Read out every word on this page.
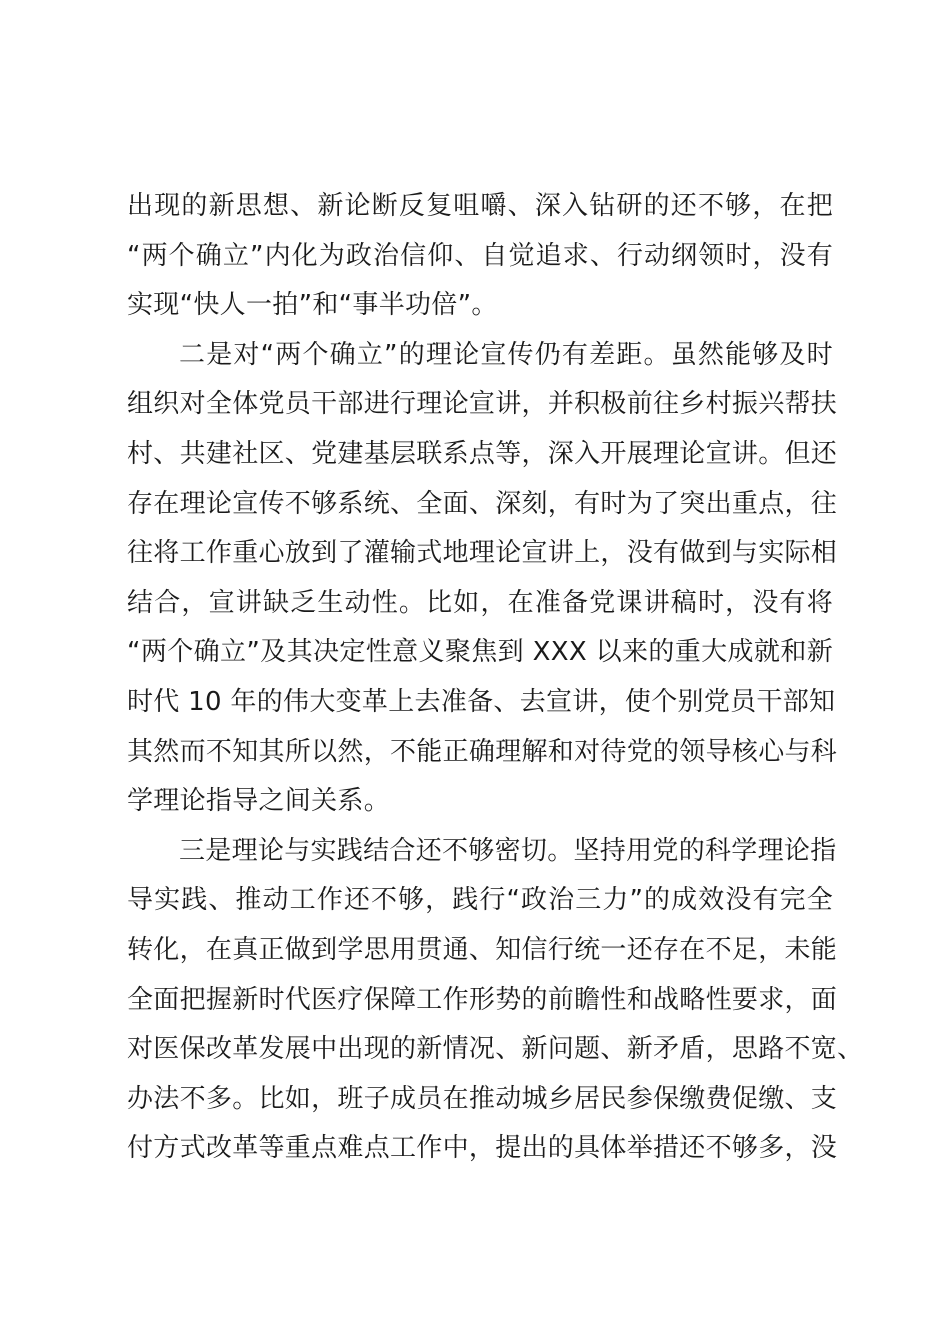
出现的新思想、新论断反复咀嚼、深入钻研的还不够，在把
“两个确立”内化为政治信仰、自觉追求、行动纲领时，没有
实现“快人一拍”和“事半功倍”。
二是对“两个确立”的理论宣传仍有差距。虽然能够及时
组织对全体党员干部进行理论宣讲，并积极前往乡村振兴帮扶
村、共建社区、党建基层联系点等，深入开展理论宣讲。但还
存在理论宣传不够系统、全面、深刻，有时为了突出重点，往
往将工作重心放到了灌输式地理论宣讲上，没有做到与实际相
结合，宣讲缺乏生动性。比如，在准备党课讲稿时，没有将
“两个确立”及其决定性意义聚焦到 XXX 以来的重大成就和新
时代 10 年的伟大变革上去准备、去宣讲，使个别党员干部知
其然而不知其所以然，不能正确理解和对待党的领导核心与科
学理论指导之间关系。
三是理论与实践结合还不够密切。坚持用党的科学理论指
导实践、推动工作还不够，践行“政治三力”的成效没有完全
转化，在真正做到学思用贯通、知信行统一还存在不足，未能
全面把握新时代医疗保障工作形势的前瞻性和战略性要求，面
对医保改革发展中出现的新情况、新问题、新矛盾，思路不宽、
办法不多。比如，班子成员在推动城乡居民参保缴费促缴、支
付方式改革等重点难点工作中，提出的具体举措还不够多，没
